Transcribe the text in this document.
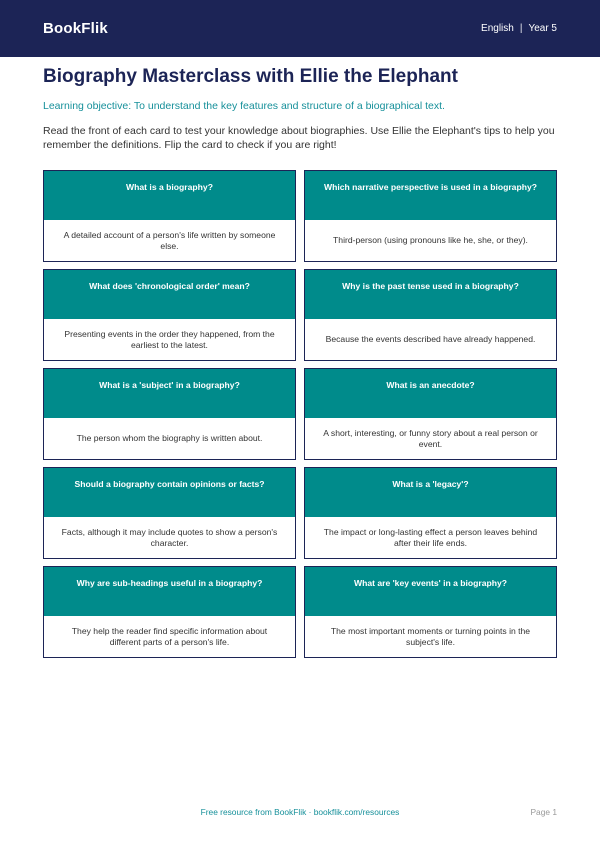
BookFlik	English | Year 5
Biography Masterclass with Ellie the Elephant

Learning objective: To understand the key features and structure of a biographical text.

Read the front of each card to test your knowledge about biographies. Use Ellie the Elephant's tips to help you remember the definitions. Flip the card to check if you are right!

What is a biography?
A detailed account of a person's life written by someone else.
Which narrative perspective is used in a biography?
Third-person (using pronouns like he, she, or they).
What does 'chronological order' mean?
Presenting events in the order they happened, from the earliest to the latest.
Why is the past tense used in a biography?
Because the events described have already happened.
What is a 'subject' in a biography?
The person whom the biography is written about.
What is an anecdote?
A short, interesting, or funny story about a real person or event.
Should a biography contain opinions or facts?
Facts, although it may include quotes to show a person's character.
What is a 'legacy'?
The impact or long-lasting effect a person leaves behind after their life ends.
Why are sub-headings useful in a biography?
They help the reader find specific information about different parts of a person's life.
What are 'key events' in a biography?
The most important moments or turning points in the subject's life.
Free resource from BookFlik · bookflik.com/resources	Page 1
